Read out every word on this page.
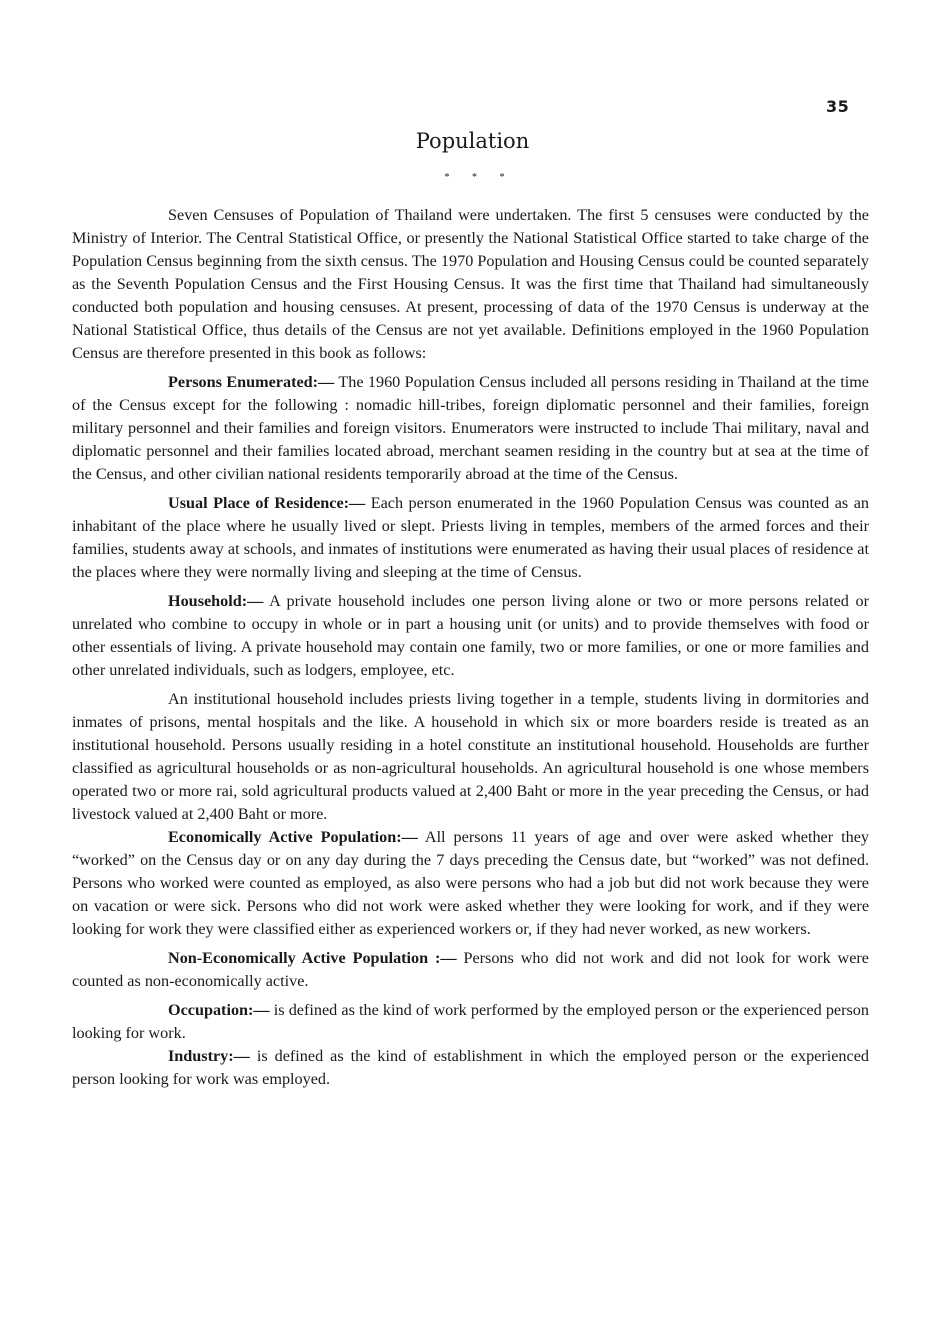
35
Population
* * *

Seven Censuses of Population of Thailand were undertaken. The first 5 censuses were conducted by the Ministry of Interior. The Central Statistical Office, or presently the National Statistical Office started to take charge of the Population Census beginning from the sixth census. The 1970 Population and Housing Census could be counted separately as the Seventh Population Census and the First Housing Census. It was the first time that Thailand had simultaneously conducted both population and housing censuses. At present, processing of data of the 1970 Census is underway at the National Statistical Office, thus details of the Census are not yet available. Definitions employed in the 1960 Population Census are therefore presented in this book as follows:

Persons Enumerated:— The 1960 Population Census included all persons residing in Thailand at the time of the Census except for the following : nomadic hill-tribes, foreign diplomatic personnel and their families, foreign military personnel and their families and foreign visitors. Enumerators were instructed to include Thai military, naval and diplomatic personnel and their families located abroad, merchant seamen residing in the country but at sea at the time of the Census, and other civilian national residents temporarily abroad at the time of the Census.

Usual Place of Residence:— Each person enumerated in the 1960 Population Census was counted as an inhabitant of the place where he usually lived or slept. Priests living in temples, members of the armed forces and their families, students away at schools, and inmates of institutions were enumerated as having their usual places of residence at the places where they were normally living and sleeping at the time of Census.

Household:— A private household includes one person living alone or two or more persons related or unrelated who combine to occupy in whole or in part a housing unit (or units) and to provide themselves with food or other essentials of living. A private household may contain one family, two or more families, or one or more families and other unrelated individuals, such as lodgers, employee, etc.

An institutional household includes priests living together in a temple, students living in dormitories and inmates of prisons, mental hospitals and the like. A household in which six or more boarders reside is treated as an institutional household. Persons usually residing in a hotel constitute an institutional household. Households are further classified as agricultural households or as non-agricultural households. An agricultural household is one whose members operated two or more rai, sold agricultural products valued at 2,400 Baht or more in the year preceding the Census, or had livestock valued at 2,400 Baht or more.

Economically Active Population:— All persons 11 years of age and over were asked whether they “worked” on the Census day or on any day during the 7 days preceding the Census date, but “worked” was not defined. Persons who worked were counted as employed, as also were persons who had a job but did not work because they were on vacation or were sick. Persons who did not work were asked whether they were looking for work, and if they were looking for work they were classified either as experienced workers or, if they had never worked, as new workers.

Non-Economically Active Population :— Persons who did not work and did not look for work were counted as non-economically active.

Occupation:— is defined as the kind of work performed by the employed person or the experienced person looking for work.

Industry:— is defined as the kind of establishment in which the employed person or the experienced person looking for work was employed.
